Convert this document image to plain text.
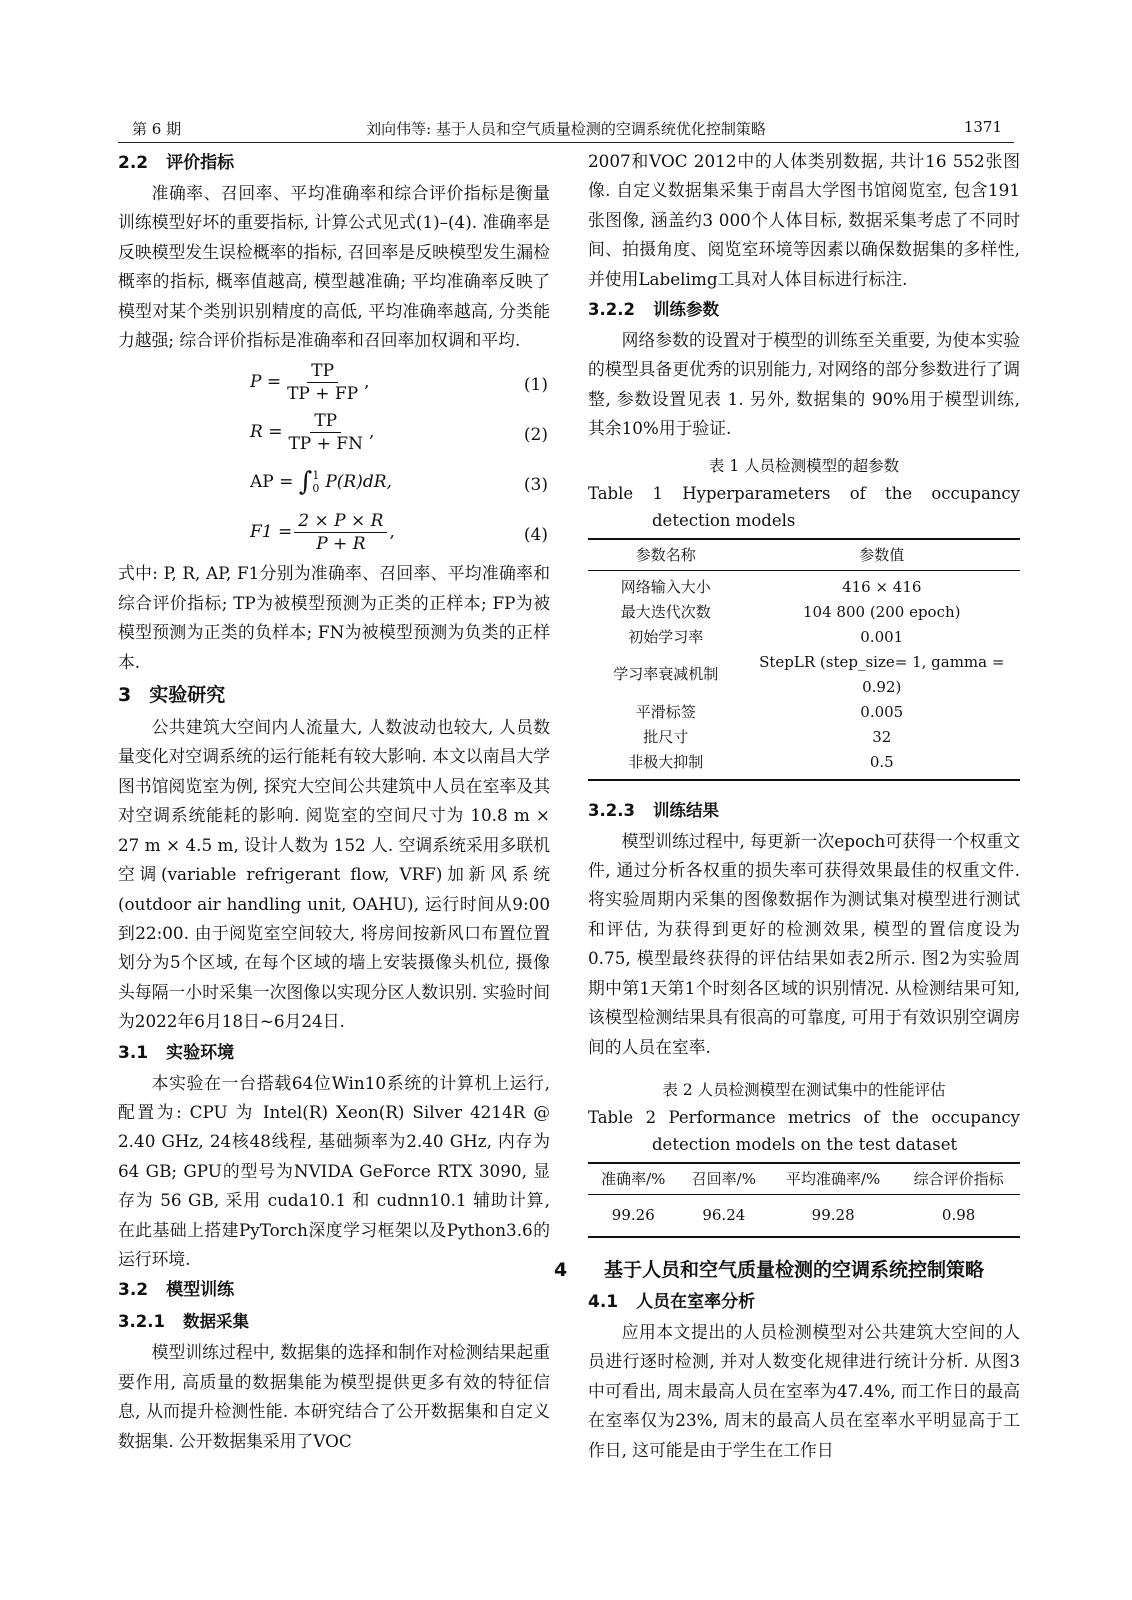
第 6 期	刘向伟等: 基于人员和空气质量检测的空调系统优化控制策略	1371
2.2 评价指标

准确率、召回率、平均准确率和综合评价指标是衡量训练模型好坏的重要指标, 计算公式见式(1)–(4). 准确率是反映模型发生误检概率的指标, 召回率是反映模型发生漏检概率的指标, 概率值越高, 模型越准确; 平均准确率反映了模型对某个类别识别精度的高低, 平均准确率越高, 分类能力越强; 综合评价指标是准确率和召回率加权调和平均.

$P = \frac{TP}{TP + FP}$ ,	(1)
$R = \frac{TP}{TP + FN}$ ,	(2)
AP =
∫ 1
0 P(R)dR,	(3)
$F1 = \frac{2 \times P \times R}{P + R}$ ,	(4)

式中: P, R, AP, F1分别为准确率、召回率、平均准确率和综合评价指标; TP为被模型预测为正类的正样本; FP为被模型预测为正类的负样本; FN为被模型预测为负类的正样本.

3 实验研究

公共建筑大空间内人流量大, 人数波动也较大, 人员数量变化对空调系统的运行能耗有较大影响. 本文以南昌大学图书馆阅览室为例, 探究大空间公共建筑中人员在室率及其对空调系统能耗的影响. 阅览室的空间尺寸为 10.8 m × 27 m × 4.5 m, 设计人数为 152 人. 空调系统采用多联机空调(variable refrigerant flow, VRF)加新风系统(outdoor air handling unit, OAHU), 运行时间从9:00到22:00. 由于阅览室空间较大, 将房间按新风口布置位置划分为5个区域, 在每个区域的墙上安装摄像头机位, 摄像头每隔一小时采集一次图像以实现分区人数识别. 实验时间为2022年6月18日~6月24日.

3.1 实验环境

本实验在一台搭载64位Win10系统的计算机上运行, 配置为: CPU 为 Intel(R) Xeon(R) Silver 4214R @ 2.40 GHz, 24核48线程, 基础频率为2.40 GHz, 内存为 64 GB; GPU的型号为NVIDA GeForce RTX 3090, 显存为 56 GB, 采用 cuda10.1 和 cudnn10.1 辅助计算, 在此基础上搭建PyTorch深度学习框架以及Python3.6的运行环境.

3.2 模型训练
3.2.1 数据采集

模型训练过程中, 数据集的选择和制作对检测结果起重要作用, 高质量的数据集能为模型提供更多有效的特征信息, 从而提升检测性能. 本研究结合了公开数据集和自定义数据集. 公开数据集采用了VOC

2007和VOC 2012中的人体类别数据, 共计16 552张图像. 自定义数据集采集于南昌大学图书馆阅览室, 包含191张图像, 涵盖约3 000个人体目标, 数据采集考虑了不同时间、拍摄角度、阅览室环境等因素以确保数据集的多样性, 并使用Labelimg工具对人体目标进行标注.

3.2.2 训练参数

网络参数的设置对于模型的训练至关重要, 为使本实验的模型具备更优秀的识别能力, 对网络的部分参数进行了调整, 参数设置见表 1. 另外, 数据集的 90%用于模型训练, 其余10%用于验证.

表 1 人员检测模型的超参数
Table 1 Hyperparameters of the occupancy detection models
参数名称	参数值
网络输入大小	416 × 416
最大迭代次数	104 800 (200 epoch)
初始学习率	0.001
学习率衰减机制	StepLR (step_size= 1, gamma = 0.92)
平滑标签	0.005
批尺寸	32
非极大抑制	0.5
3.2.3 训练结果

模型训练过程中, 每更新一次epoch可获得一个权重文件, 通过分析各权重的损失率可获得效果最佳的权重文件. 将实验周期内采集的图像数据作为测试集对模型进行测试和评估, 为获得到更好的检测效果, 模型的置信度设为0.75, 模型最终获得的评估结果如表2所示. 图2为实验周期中第1天第1个时刻各区域的识别情况. 从检测结果可知, 该模型检测结果具有很高的可靠度, 可用于有效识别空调房间的人员在室率.

表 2 人员检测模型在测试集中的性能评估
Table 2 Performance metrics of the occupancy detection models on the test dataset
准确率/%	召回率/%	平均准确率/%	综合评价指标
99.26	96.24	99.28	0.98
4 基于人员和空气质量检测的空调系统控制策略
4.1 人员在室率分析

应用本文提出的人员检测模型对公共建筑大空间的人员进行逐时检测, 并对人数变化规律进行统计分析. 从图3中可看出, 周末最高人员在室率为47.4%, 而工作日的最高在室率仅为23%, 周末的最高人员在室率水平明显高于工作日, 这可能是由于学生在工作日
